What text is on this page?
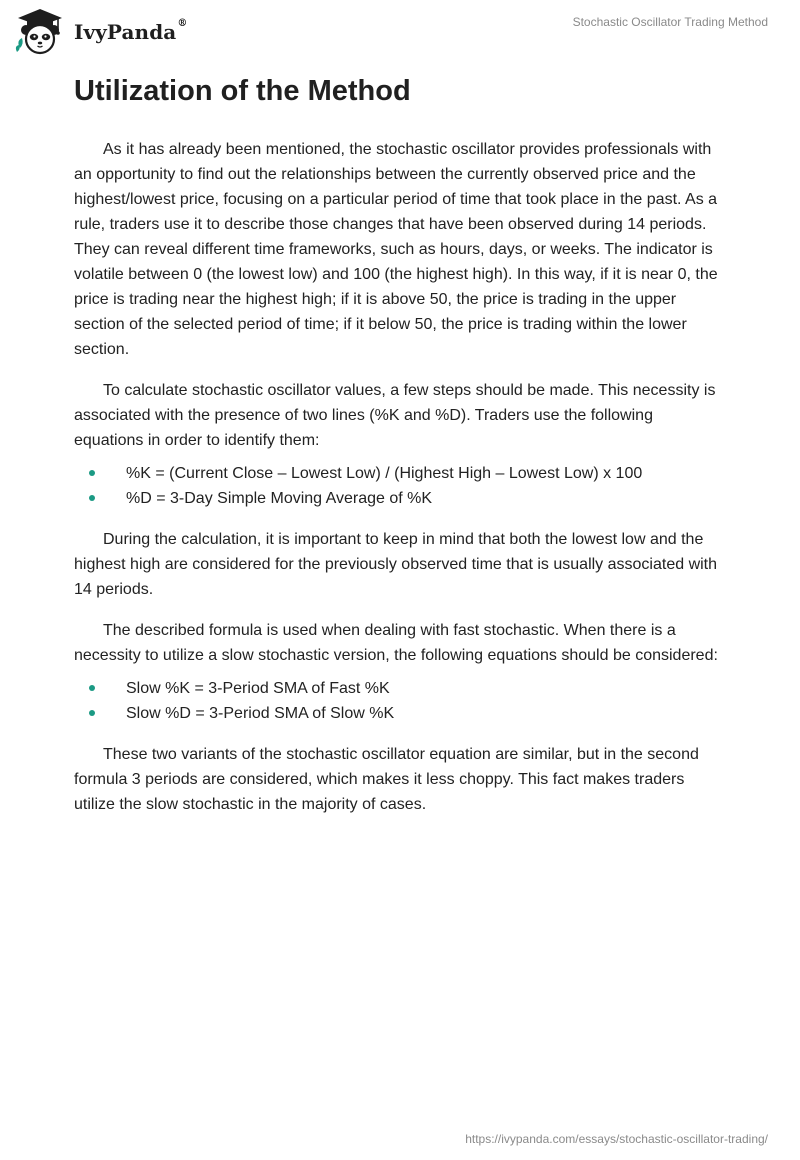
IvyPanda ®	Stochastic Oscillator Trading Method
Utilization of the Method

As it has already been mentioned, the stochastic oscillator provides professionals with an opportunity to find out the relationships between the currently observed price and the highest/lowest price, focusing on a particular period of time that took place in the past. As a rule, traders use it to describe those changes that have been observed during 14 periods. They can reveal different time frameworks, such as hours, days, or weeks. The indicator is volatile between 0 (the lowest low) and 100 (the highest high). In this way, if it is near 0, the price is trading near the highest high; if it is above 50, the price is trading in the upper section of the selected period of time; if it below 50, the price is trading within the lower section.

To calculate stochastic oscillator values, a few steps should be made. This necessity is associated with the presence of two lines (%K and %D). Traders use the following equations in order to identify them:

%K = (Current Close – Lowest Low) / (Highest High – Lowest Low) x 100
%D = 3-Day Simple Moving Average of %K

During the calculation, it is important to keep in mind that both the lowest low and the highest high are considered for the previously observed time that is usually associated with 14 periods.

The described formula is used when dealing with fast stochastic. When there is a necessity to utilize a slow stochastic version, the following equations should be considered:

Slow %K = 3-Period SMA of Fast %K
Slow %D = 3-Period SMA of Slow %K

These two variants of the stochastic oscillator equation are similar, but in the second formula 3 periods are considered, which makes it less choppy. This fact makes traders utilize the slow stochastic in the majority of cases.

https://ivypanda.com/essays/stochastic-oscillator-trading/
